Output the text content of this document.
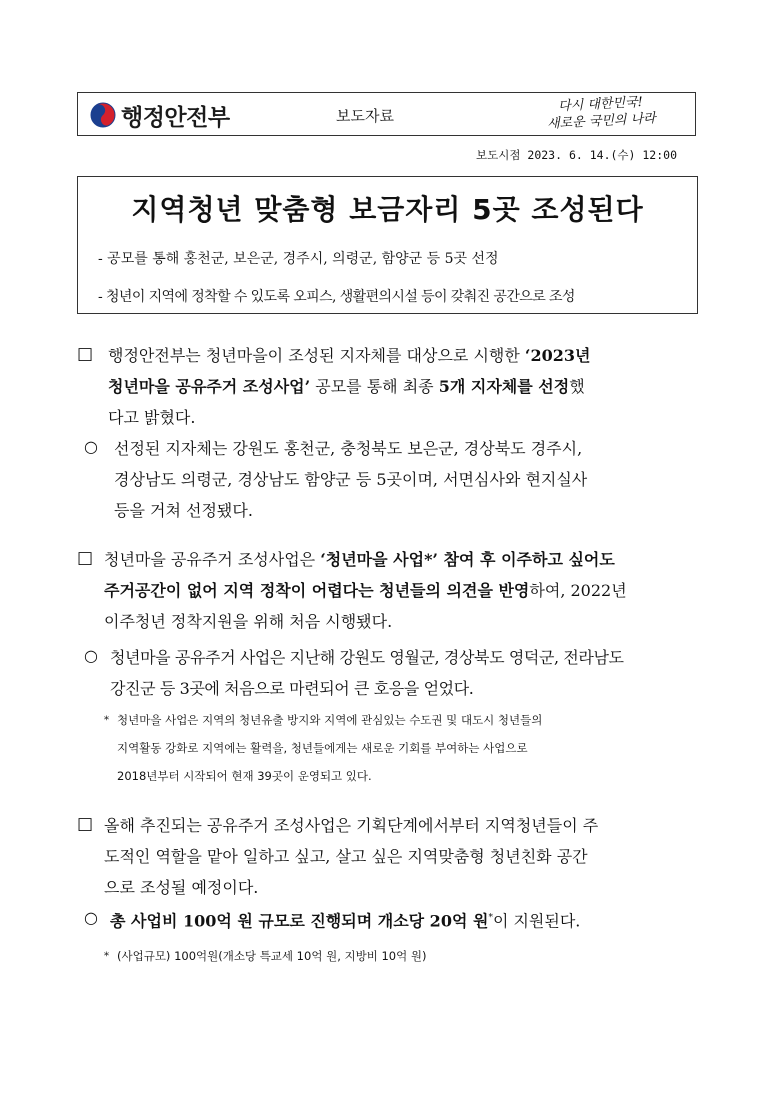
행정안전부	보도자료
다시 대한민국!
새로운 국민의 나라
보도시점 2023. 6. 14.(수) 12:00
지역청년 맞춤형 보금자리 5곳 조성된다
- 공모를 통해 홍천군, 보은군, 경주시, 의령군, 함양군 등 5곳 선정
- 청년이 지역에 정착할 수 있도록 오피스, 생활편의시설 등이 갖춰진 공간으로 조성
□ 행정안전부는 청년마을이 조성된 지자체를 대상으로 시행한 ‘2023년
청년마을 공유주거 조성사업’ 공모를 통해 최종 5개 지자체를 선정했
다고 밝혔다.
○ 선정된 지자체는 강원도 홍천군, 충청북도 보은군, 경상북도 경주시,
경상남도 의령군, 경상남도 함양군 등 5곳이며, 서면심사와 현지실사
등을 거쳐 선정됐다.
□ 청년마을 공유주거 조성사업은 ‘청년마을 사업*’ 참여 후 이주하고 싶어도
주거공간이 없어 지역 정착이 어렵다는 청년들의 의견을 반영하여, 2022년
이주청년 정착지원을 위해 처음 시행됐다.
○ 청년마을 공유주거 사업은 지난해 강원도 영월군, 경상북도 영덕군, 전라남도
강진군 등 3곳에 처음으로 마련되어 큰 호응을 얻었다.
* 청년마을 사업은 지역의 청년유출 방지와 지역에 관심있는 수도권 및 대도시 청년들의
지역활동 강화로 지역에는 활력을, 청년들에게는 새로운 기회를 부여하는 사업으로
2018년부터 시작되어 현재 39곳이 운영되고 있다.
□ 올해 추진되는 공유주거 조성사업은 기획단계에서부터 지역청년들이 주
도적인 역할을 맡아 일하고 싶고, 살고 싶은 지역맞춤형 청년친화 공간
으로 조성될 예정이다.
○ 총 사업비 100억 원 규모로 진행되며 개소당 20억 원*이 지원된다.
* (사업규모) 100억원(개소당 특교세 10억 원, 지방비 10억 원)
